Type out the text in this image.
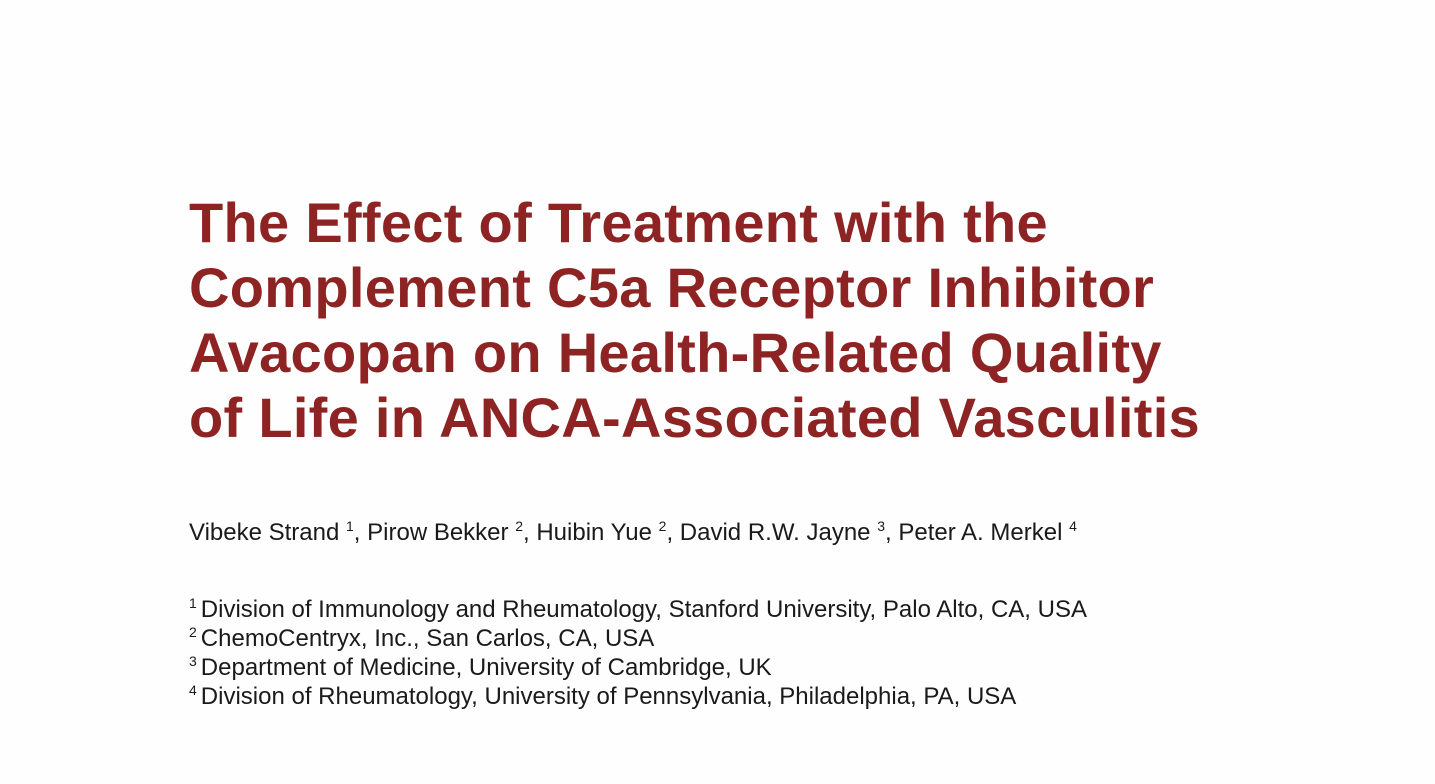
The Effect of Treatment with the
Complement C5a Receptor Inhibitor
Avacopan on Health-Related Quality
of Life in ANCA-Associated Vasculitis

Vibeke Strand $^1$, Pirow Bekker $^2$, Huibin Yue $^2$, David R.W. Jayne $^3$, Peter A. Merkel $^4$

$^1$ Division of Immunology and Rheumatology, Stanford University, Palo Alto, CA, USA
$^2$ ChemoCentryx, Inc., San Carlos, CA, USA
$^3$ Department of Medicine, University of Cambridge, UK
$^4$ Division of Rheumatology, University of Pennsylvania, Philadelphia, PA, USA
